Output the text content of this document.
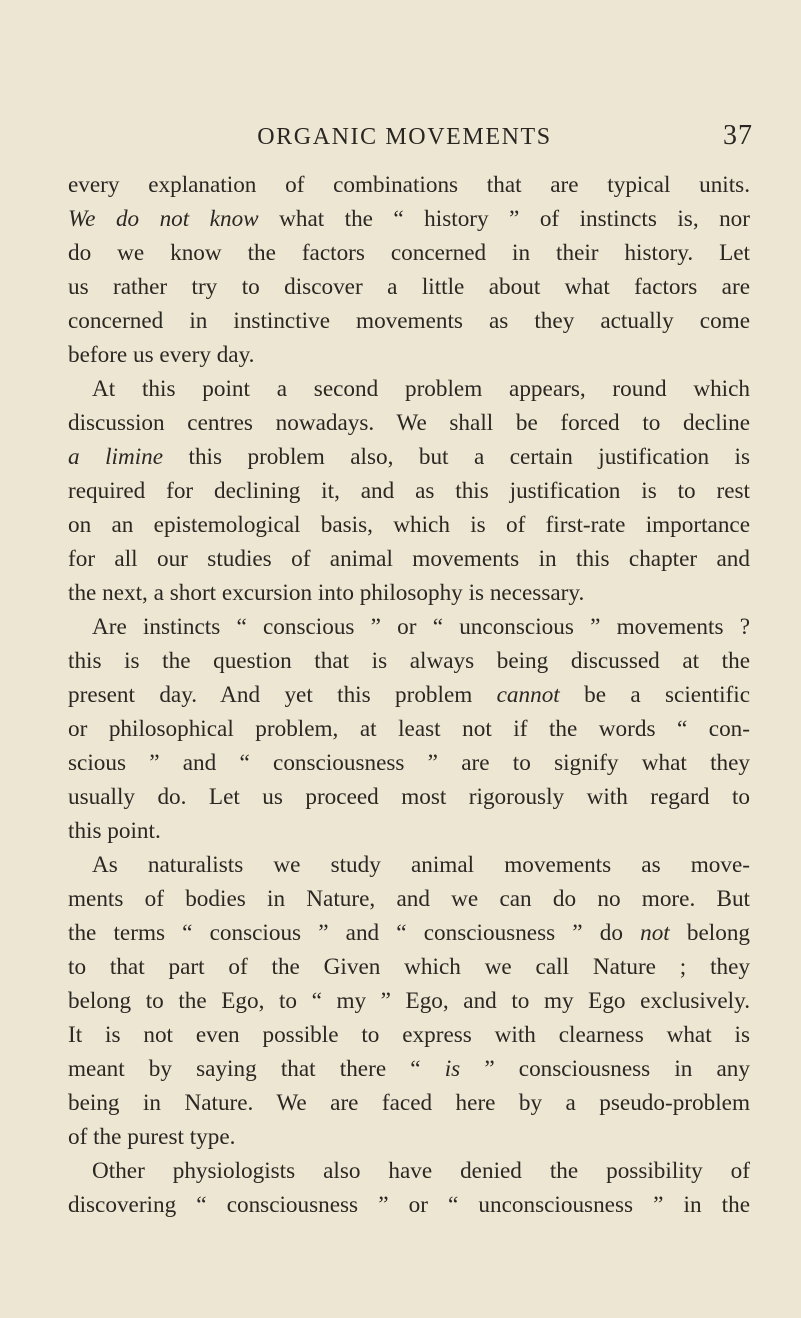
ORGANIC MOVEMENTS	37
every explanation of combinations that are typical units.
We do not know what the “ history ” of instincts is, nor
do we know the factors concerned in their history. Let
us rather try to discover a little about what factors are
concerned in instinctive movements as they actually come
before us every day.
At this point a second problem appears, round which
discussion centres nowadays. We shall be forced to decline
a limine this problem also, but a certain justification is
required for declining it, and as this justification is to rest
on an epistemological basis, which is of first-rate importance
for all our studies of animal movements in this chapter and
the next, a short excursion into philosophy is necessary.
Are instincts “ conscious ” or “ unconscious ” movements ?
this is the question that is always being discussed at the
present day. And yet this problem cannot be a scientific
or philosophical problem, at least not if the words “ con-
scious ” and “ consciousness ” are to signify what they
usually do. Let us proceed most rigorously with regard to
this point.
As naturalists we study animal movements as move-
ments of bodies in Nature, and we can do no more. But
the terms “ conscious ” and “ consciousness ” do not belong
to that part of the Given which we call Nature ; they
belong to the Ego, to “ my ” Ego, and to my Ego exclusively.
It is not even possible to express with clearness what is
meant by saying that there “ is ” consciousness in any
being in Nature. We are faced here by a pseudo-problem
of the purest type.
Other physiologists also have denied the possibility of
discovering “ consciousness ” or “ unconsciousness ” in the
